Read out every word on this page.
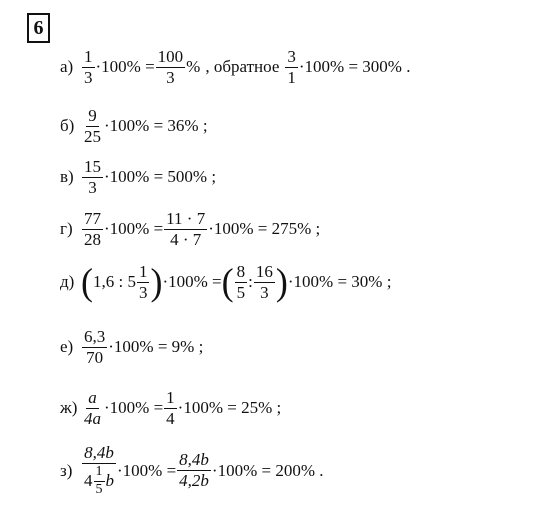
6
$а) \frac{1}{3} \cdot 100\% = \frac{100}{3}$ % , обратное $\frac{3}{1} \cdot 100\% = 300\%$ .
$б) \frac{9}{25} \cdot 100\% = 36\%$ ;
$в) \frac{15}{3} \cdot 100\% = 500\%$ ;
$г) \frac{77}{28} \cdot 100\% = \frac{11 \cdot 7}{4 \cdot 7} \cdot 100\% = 275\%$ ;
д) ( 1,6 : $5 \frac{1}{3}$ ) ·100% = ( $\frac{8}{5}$ : $\frac{16}{3}$ ) ·100% = 30% ;
$е) \frac{6,3}{70} \cdot 100\% = 9\%$ ;
$ж) \frac{a}{4a} \cdot 100\% = \frac{1}{4} \cdot 100\% = 25\%$ ;
$з) \frac{8,4b}{4 \frac{1}{5} b} \cdot 100\% = \frac{8,4b}{4,2b} \cdot 100\% = 200\%$ .
